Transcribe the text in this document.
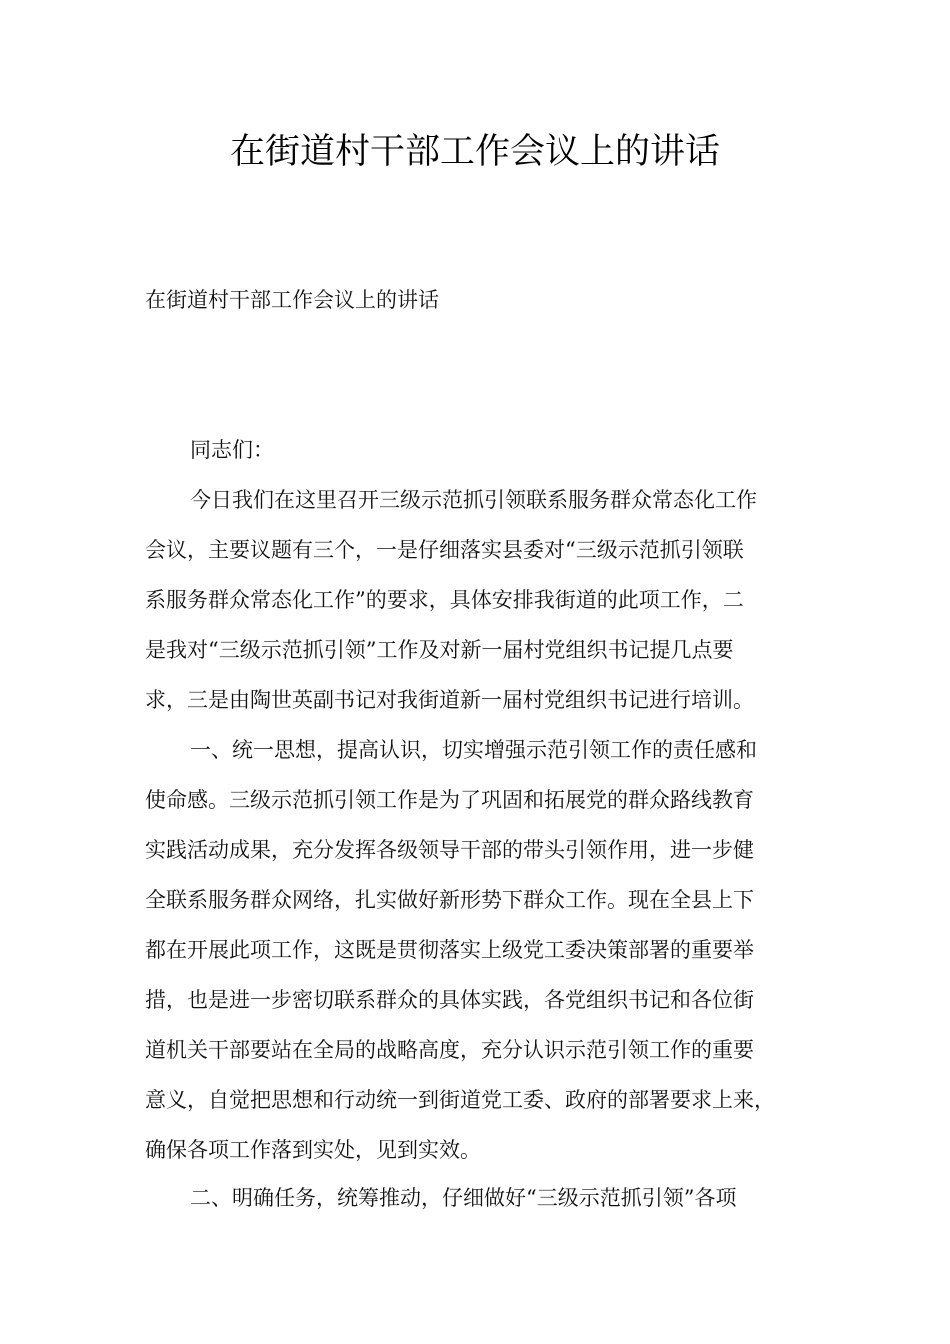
在街道村干部工作会议上的讲话

在街道村干部工作会议上的讲话

同志们：
今日我们在这里召开三级示范抓引领联系服务群众常态化工作
会议，主要议题有三个，一是仔细落实县委对“三级示范抓引领联
系服务群众常态化工作”的要求，具体安排我街道的此项工作，二
是我对“三级示范抓引领”工作及对新一届村党组织书记提几点要
求，三是由陶世英副书记对我街道新一届村党组织书记进行培训。
一、统一思想，提高认识，切实增强示范引领工作的责任感和
使命感。三级示范抓引领工作是为了巩固和拓展党的群众路线教育
实践活动成果，充分发挥各级领导干部的带头引领作用，进一步健
全联系服务群众网络，扎实做好新形势下群众工作。现在全县上下
都在开展此项工作，这既是贯彻落实上级党工委决策部署的重要举
措，也是进一步密切联系群众的具体实践，各党组织书记和各位街
道机关干部要站在全局的战略高度，充分认识示范引领工作的重要
意义，自觉把思想和行动统一到街道党工委、政府的部署要求上来，
确保各项工作落到实处，见到实效。
二、明确任务，统筹推动，仔细做好“三级示范抓引领”各项
